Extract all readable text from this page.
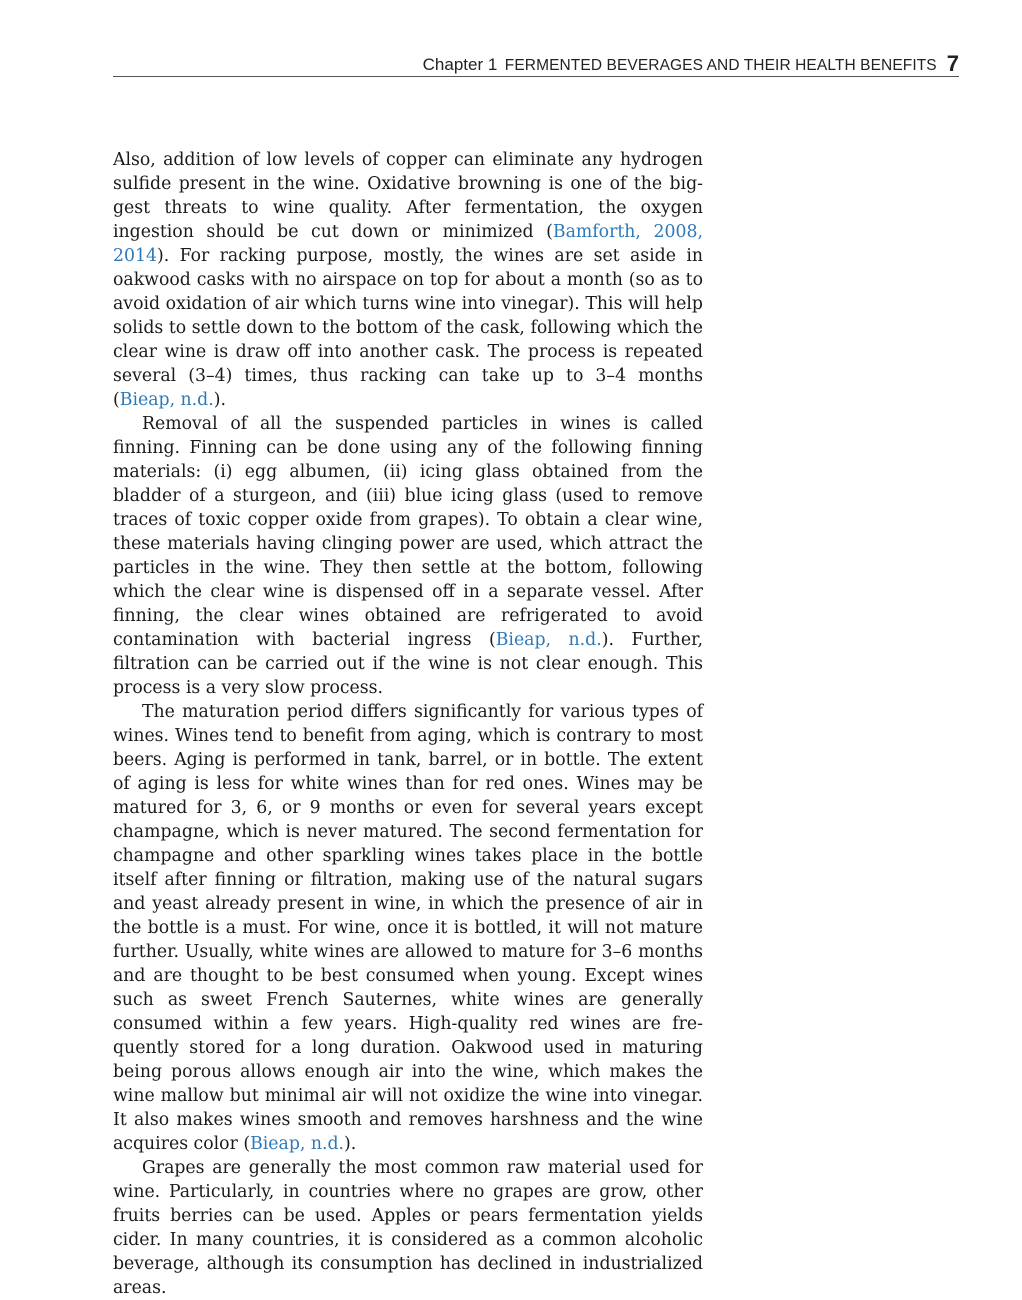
Chapter 1 FERMENTED BEVERAGES AND THEIR HEALTH BENEFITS 7

Also, addition of low levels of copper can eliminate any hydrogen sulfide present in the wine. Oxidative browning is one of the biggest threats to wine quality. After fermentation, the oxygen ingestion should be cut down or minimized (Bamforth, 2008, 2014). For racking purpose, mostly, the wines are set aside in oakwood casks with no airspace on top for about a month (so as to avoid oxidation of air which turns wine into vinegar). This will help solids to settle down to the bottom of the cask, following which the clear wine is draw off into another cask. The process is repeated several (3–4) times, thus racking can take up to 3–4 months (Bieap, n.d.).

Removal of all the suspended particles in wines is called finning. Finning can be done using any of the following finning materials: (i) egg albumen, (ii) icing glass obtained from the bladder of a sturgeon, and (iii) blue icing glass (used to remove traces of toxic copper oxide from grapes). To obtain a clear wine, these materials having clinging power are used, which attract the particles in the wine. They then settle at the bottom, following which the clear wine is dispensed off in a separate vessel. After finning, the clear wines obtained are refrigerated to avoid contamination with bacterial ingress (Bieap, n.d.). Further, filtration can be carried out if the wine is not clear enough. This process is a very slow process.

The maturation period differs significantly for various types of wines. Wines tend to benefit from aging, which is contrary to most beers. Aging is performed in tank, barrel, or in bottle. The extent of aging is less for white wines than for red ones. Wines may be matured for 3, 6, or 9 months or even for several years except champagne, which is never matured. The second fermentation for champagne and other sparkling wines takes place in the bottle itself after finning or filtration, making use of the natural sugars and yeast already present in wine, in which the presence of air in the bottle is a must. For wine, once it is bottled, it will not mature further. Usually, white wines are allowed to mature for 3–6 months and are thought to be best consumed when young. Except wines such as sweet French Sauternes, white wines are generally consumed within a few years. High-quality red wines are frequently stored for a long duration. Oakwood used in maturing being porous allows enough air into the wine, which makes the wine mallow but minimal air will not oxidize the wine into vinegar. It also makes wines smooth and removes harshness and the wine acquires color (Bieap, n.d.).

Grapes are generally the most common raw material used for wine. Particularly, in countries where no grapes are grow, other fruits berries can be used. Apples or pears fermentation yields cider. In many countries, it is considered as a common alcoholic beverage, although its consumption has declined in industrialized areas.
